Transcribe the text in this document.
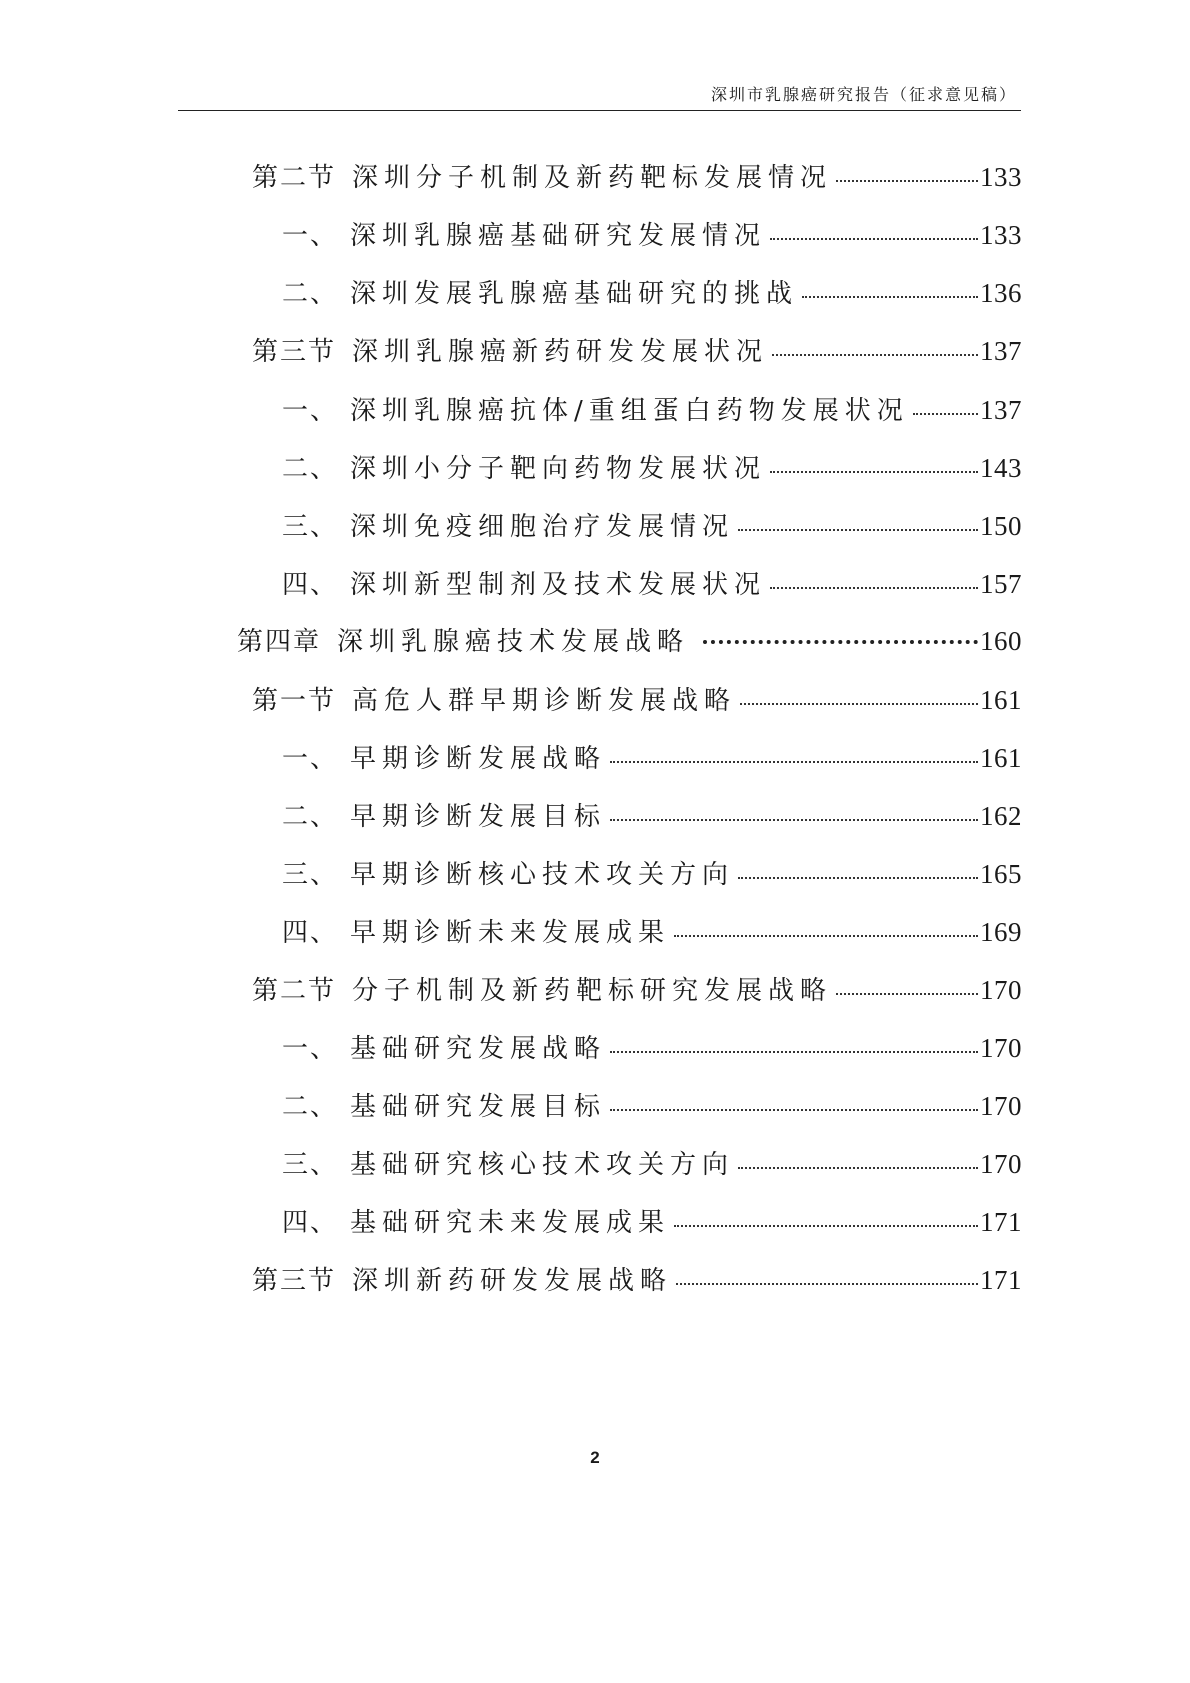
深圳市乳腺癌研究报告（征求意见稿）
第二节 深圳分子机制及新药靶标发展情况	133
一、 深圳乳腺癌基础研究发展情况	133
二、 深圳发展乳腺癌基础研究的挑战	136
第三节 深圳乳腺癌新药研发发展状况	137
一、 深圳乳腺癌抗体/重组蛋白药物发展状况	137
二、 深圳小分子靶向药物发展状况	143
三、 深圳免疫细胞治疗发展情况	150
四、 深圳新型制剂及技术发展状况	157
第四章 深圳乳腺癌技术发展战略	160
第一节 高危人群早期诊断发展战略	161
一、 早期诊断发展战略	161
二、 早期诊断发展目标	162
三、 早期诊断核心技术攻关方向	165
四、 早期诊断未来发展成果	169
第二节 分子机制及新药靶标研究发展战略	170
一、 基础研究发展战略	170
二、 基础研究发展目标	170
三、 基础研究核心技术攻关方向	170
四、 基础研究未来发展成果	171
第三节 深圳新药研发发展战略	171
2
